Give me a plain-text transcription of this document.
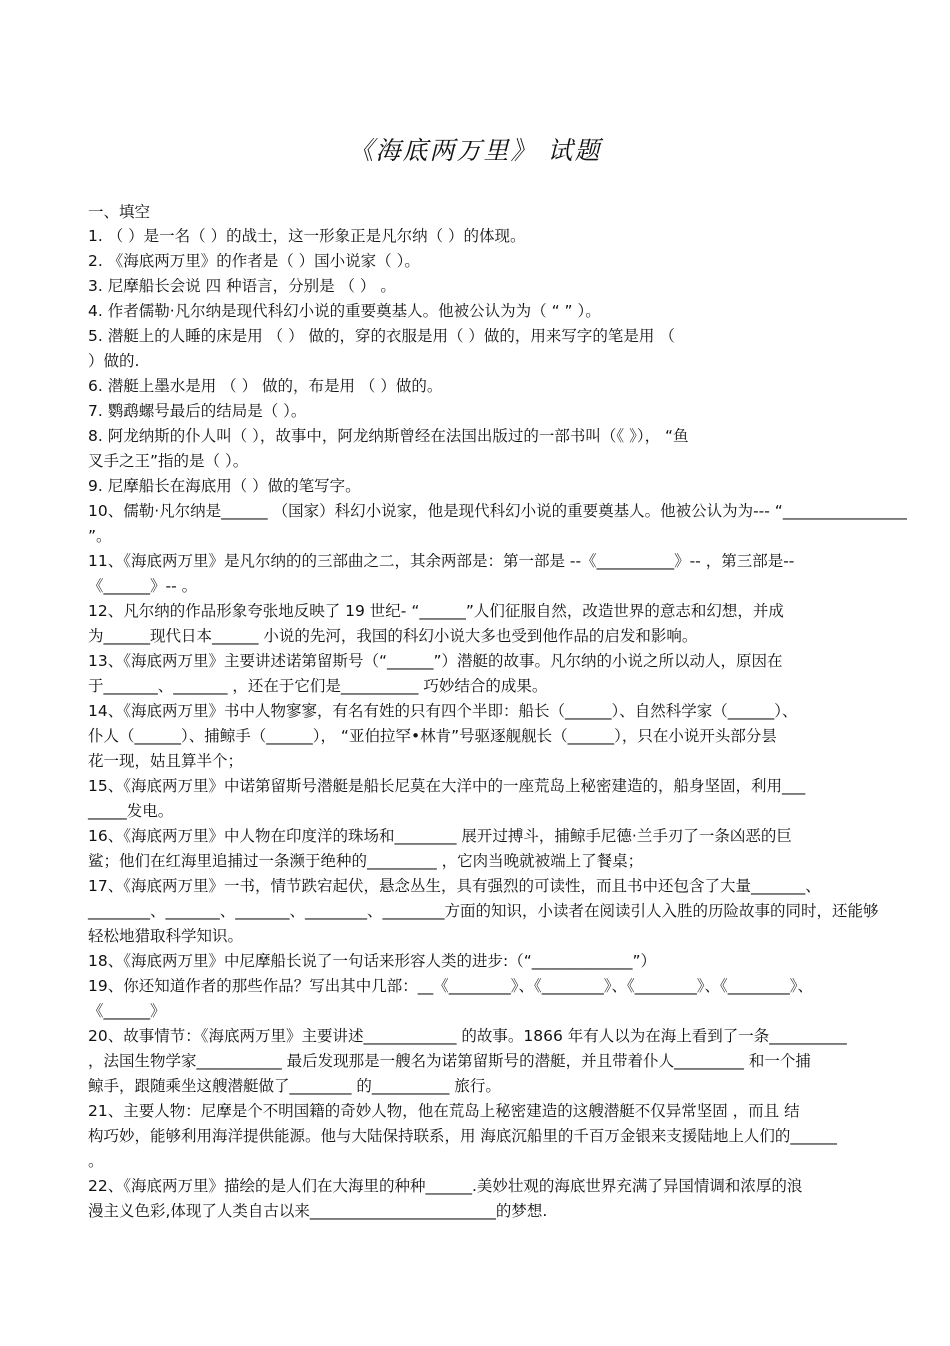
《海底两万里》 试题
一、填空
1. （ ）是一名（ ）的战士，这一形象正是凡尔纳（ ）的体现。
2. 《海底两万里》的作者是（ ）国小说家（ ）。
3. 尼摩船长会说 四 种语言，分别是 （ ） 。
4. 作者儒勒·凡尔纳是现代科幻小说的重要奠基人。他被公认为为（ “ ” ）。
5. 潜艇上的人睡的床是用 （ ） 做的，穿的衣服是用（ ）做的，用来写字的笔是用 （
）做的.
6. 潜艇上墨水是用 （ ） 做的，布是用 （ ）做的。
7. 鹦鹉螺号最后的结局是（ ）。
8. 阿龙纳斯的仆人叫（ ），故事中，阿龙纳斯曾经在法国出版过的一部书叫（《 》）， “鱼
叉手之王”指的是（ ）。
9. 尼摩船长在海底用（ ）做的笔写字。
10、儒勒·凡尔纳是______ （国家）科幻小说家，他是现代科幻小说的重要奠基人。他被公认为为--- “________________
”。
11、《海底两万里》是凡尔纳的的三部曲之二，其余两部是：第一部是 --《__________》-- ，第三部是--
《______》-- 。
12、凡尔纳的作品形象夸张地反映了 19 世纪- “______”人们征服自然，改造世界的意志和幻想，并成
为______现代日本______ 小说的先河，我国的科幻小说大多也受到他作品的启发和影响。
13、《海底两万里》主要讲述诺第留斯号（“______”）潜艇的故事。凡尔纳的小说之所以动人，原因在
于_______、_______ ，还在于它们是__________ 巧妙结合的成果。
14、《海底两万里》书中人物寥寥，有名有姓的只有四个半即：船长（______）、自然科学家（______）、
仆人（______）、捕鲸手（______）， “亚伯拉罕•林肯”号驱逐舰舰长（______），只在小说开头部分昙
花一现，姑且算半个；
15、《海底两万里》中诺第留斯号潜艇是船长尼莫在大洋中的一座荒岛上秘密建造的，船身坚固，利用___
_____发电。
16、《海底两万里》中人物在印度洋的珠场和________ 展开过搏斗，捕鲸手尼德·兰手刃了一条凶恶的巨
鲨；他们在红海里追捕过一条濒于绝种的_________ ，它肉当晚就被端上了餐桌；
17、《海底两万里》一书，情节跌宕起伏，悬念丛生，具有强烈的可读性，而且书中还包含了大量_______、
________、_______、_______、________、________方面的知识，小读者在阅读引人入胜的历险故事的同时，还能够
轻松地猎取科学知识。
18、《海底两万里》中尼摩船长说了一句话来形容人类的进步:（“_____________”）
19、你还知道作者的那些作品？写出其中几部：__《________》、《________》、《________》、《________》、
《______》
20、故事情节：《海底两万里》主要讲述____________ 的故事。1866 年有人以为在海上看到了一条__________
，法国生物学家___________ 最后发现那是一艘名为诺第留斯号的潜艇，并且带着仆人_________ 和一个捕
鲸手，跟随乘坐这艘潜艇做了________ 的__________ 旅行。
21、主要人物：尼摩是个不明国籍的奇妙人物，他在荒岛上秘密建造的这艘潜艇不仅异常坚固 ，而且 结
构巧妙，能够利用海洋提供能源。他与大陆保持联系，用 海底沉船里的千百万金银来支援陆地上人们的______
。
22、《海底两万里》描绘的是人们在大海里的种种______.美妙壮观的海底世界充满了异国情调和浓厚的浪
漫主义色彩,体现了人类自古以来________________________的梦想.
